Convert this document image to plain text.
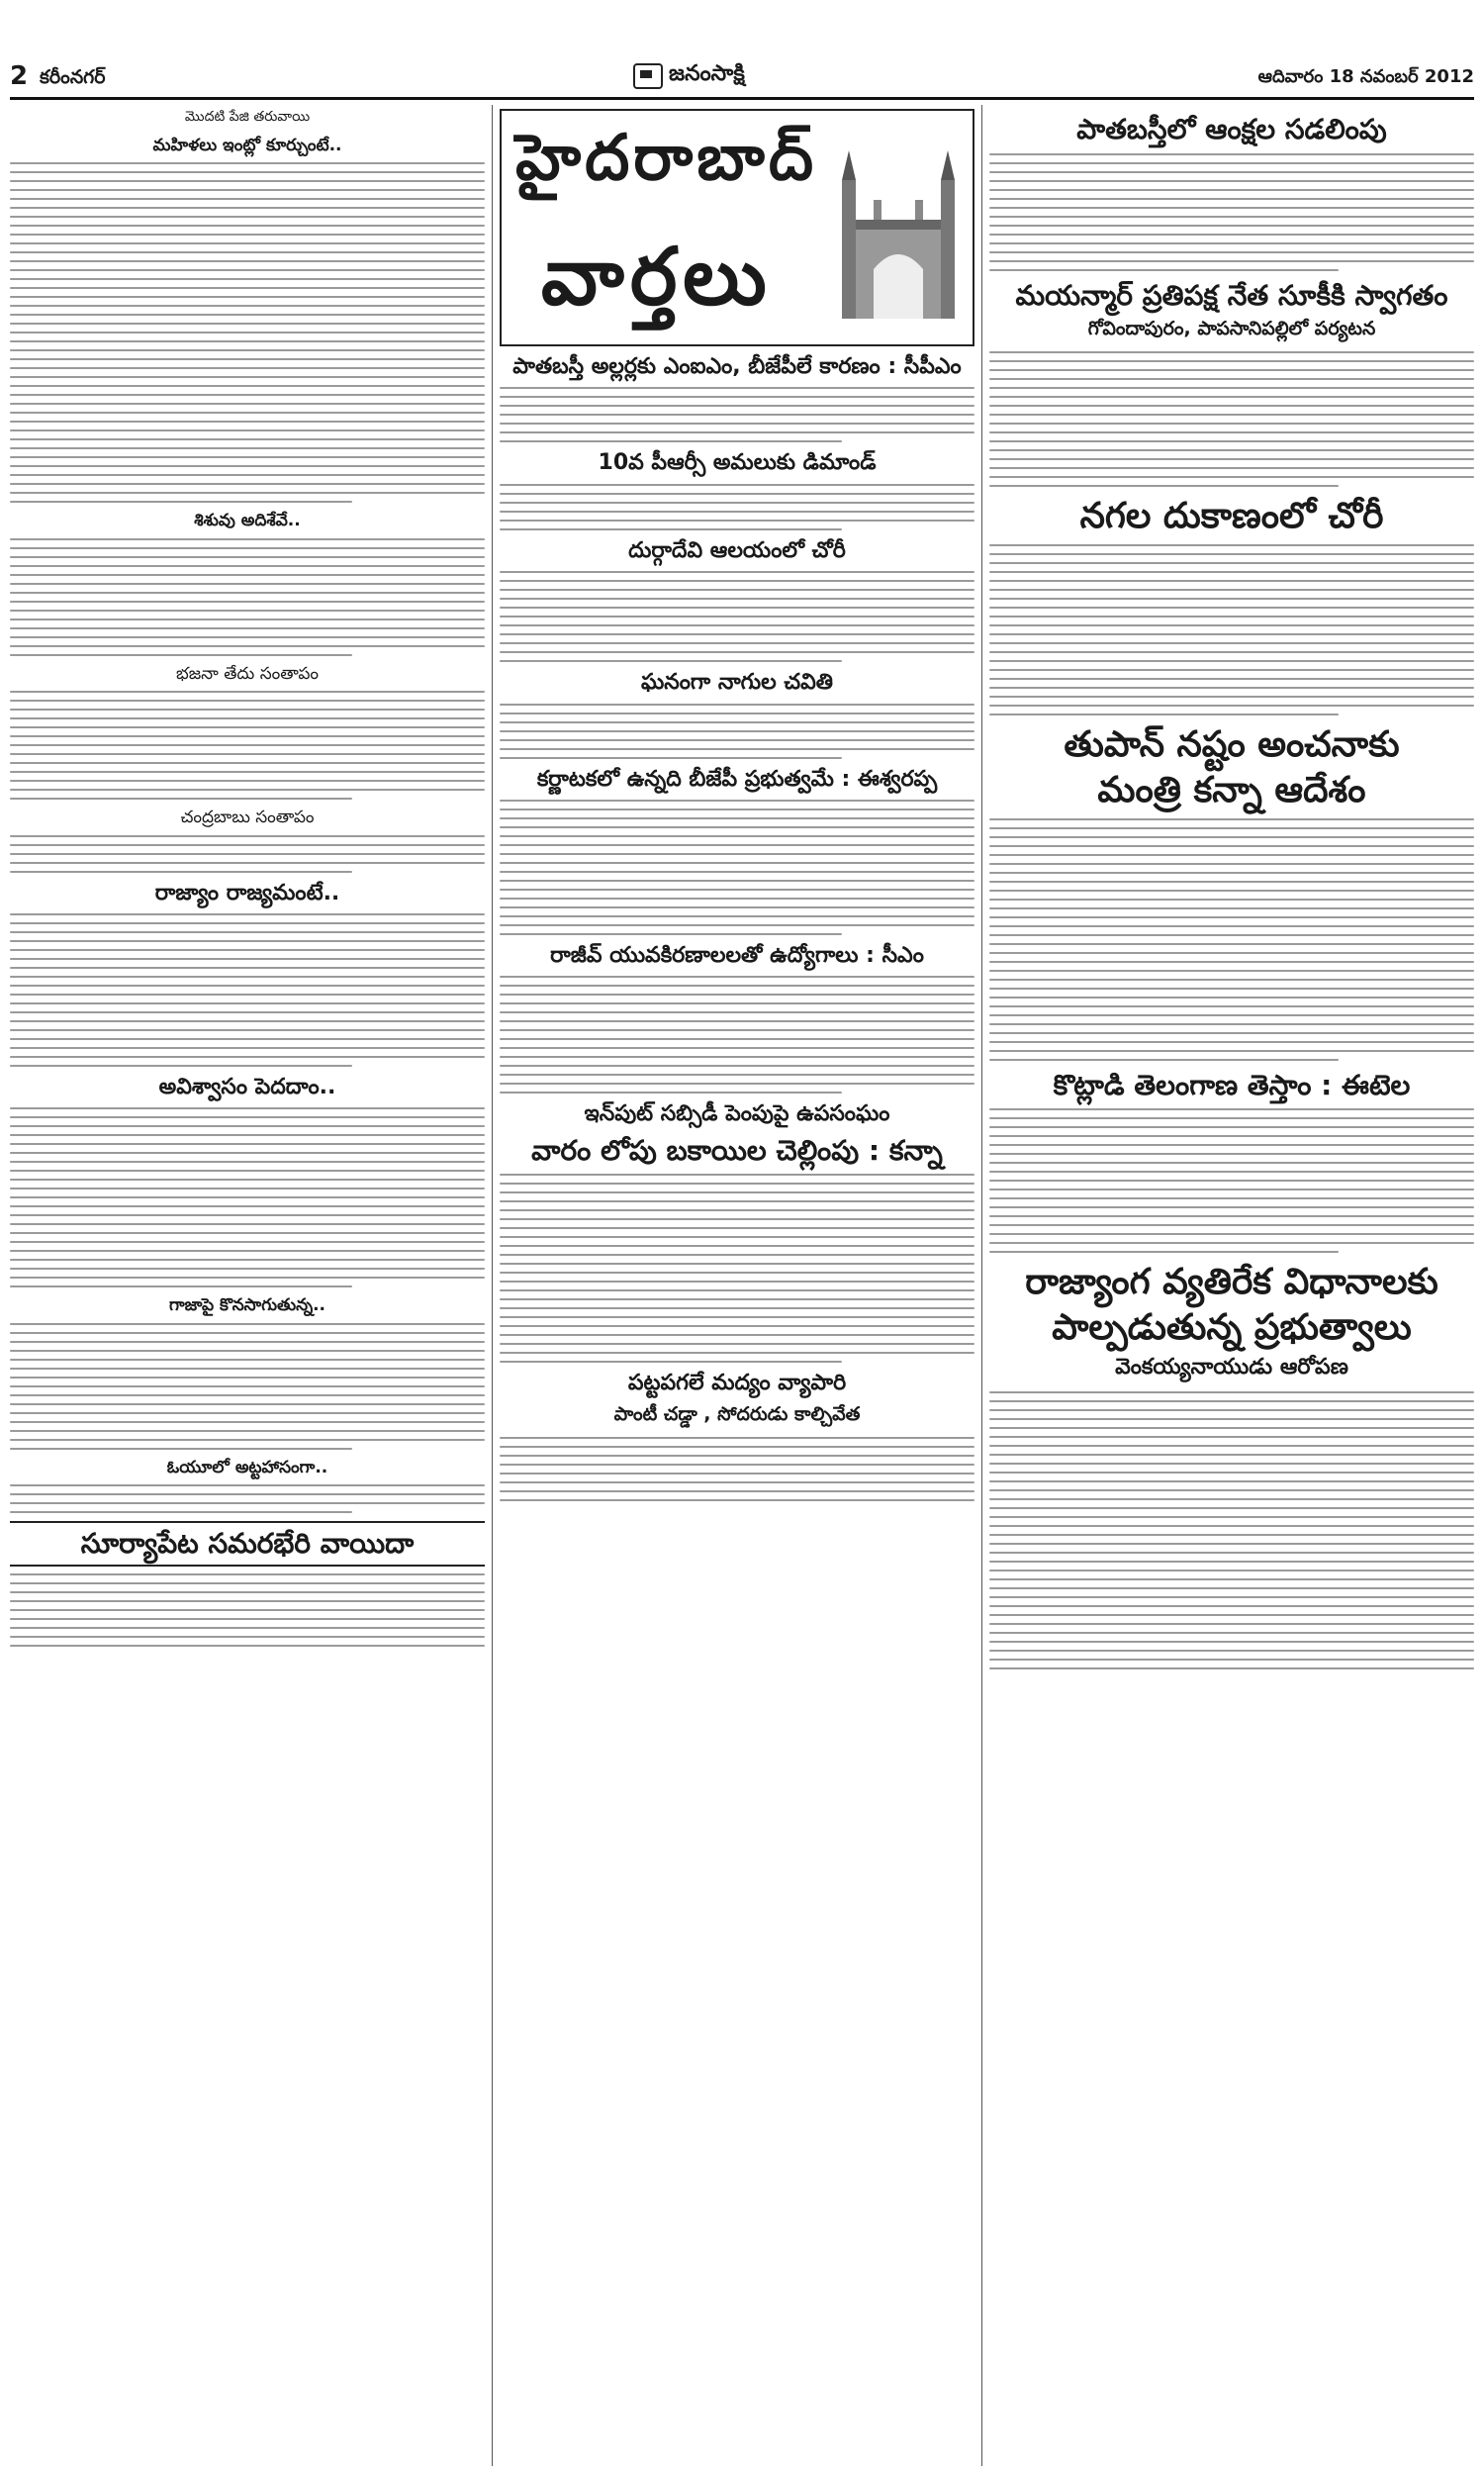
2 కరీంనగర్	జనంసాక్షి	ఆదివారం 18 నవంబర్ 2012
మొదటి పేజి తరువాయి
మహిళలు ఇంట్లో కూర్చుంటే..
శిశువు అదిశేవే..
భజనా తేదు సంతాపం
చంద్రబాబు సంతాపం
రాజ్యాం రాజ్యమంటే..
అవిశ్వాసం పెదదాం..
గాజాపై కొనసాగుతున్న..
ఓయూలో అట్టహాసంగా..
సూర్యాపేట సమరభేరి వాయిదా
హైదరాబాద్
వార్తలు
పాతబస్తీ అల్లర్లకు ఎంఐఎం, బీజేపీలే కారణం : సీపీఎం
10వ పీఆర్సీ అమలుకు డిమాండ్
దుర్గాదేవి ఆలయంలో చోరీ
ఘనంగా నాగుల చవితి
కర్ణాటకలో ఉన్నది బీజేపీ ప్రభుత్వమే : ఈశ్వరప్ప
రాజీవ్ యువకిరణాలలతో ఉద్యోగాలు : సీఎం
ఇన్‌పుట్ సబ్సిడీ పెంపుపై ఉపసంఘం
వారం లోపు బకాయిల చెల్లింపు : కన్నా
పట్టపగలే మద్యం వ్యాపారి
పాంటీ చడ్డా , సోదరుడు కాల్చివేత
పాతబస్తీలో ఆంక్షల సడలింపు
మయన్మార్ ప్రతిపక్ష నేత సూకీకి స్వాగతం
గోవిందాపురం, పాపసానిపల్లిలో పర్యటన
నగల దుకాణంలో చోరీ
తుపాన్ నష్టం అంచనాకు
మంత్రి కన్నా ఆదేశం
కొట్లాడి తెలంగాణ తెస్తాం : ఈటెల
రాజ్యాంగ వ్యతిరేక విధానాలకు
పాల్పడుతున్న ప్రభుత్వాలు
వెంకయ్యనాయుడు ఆరోపణ
